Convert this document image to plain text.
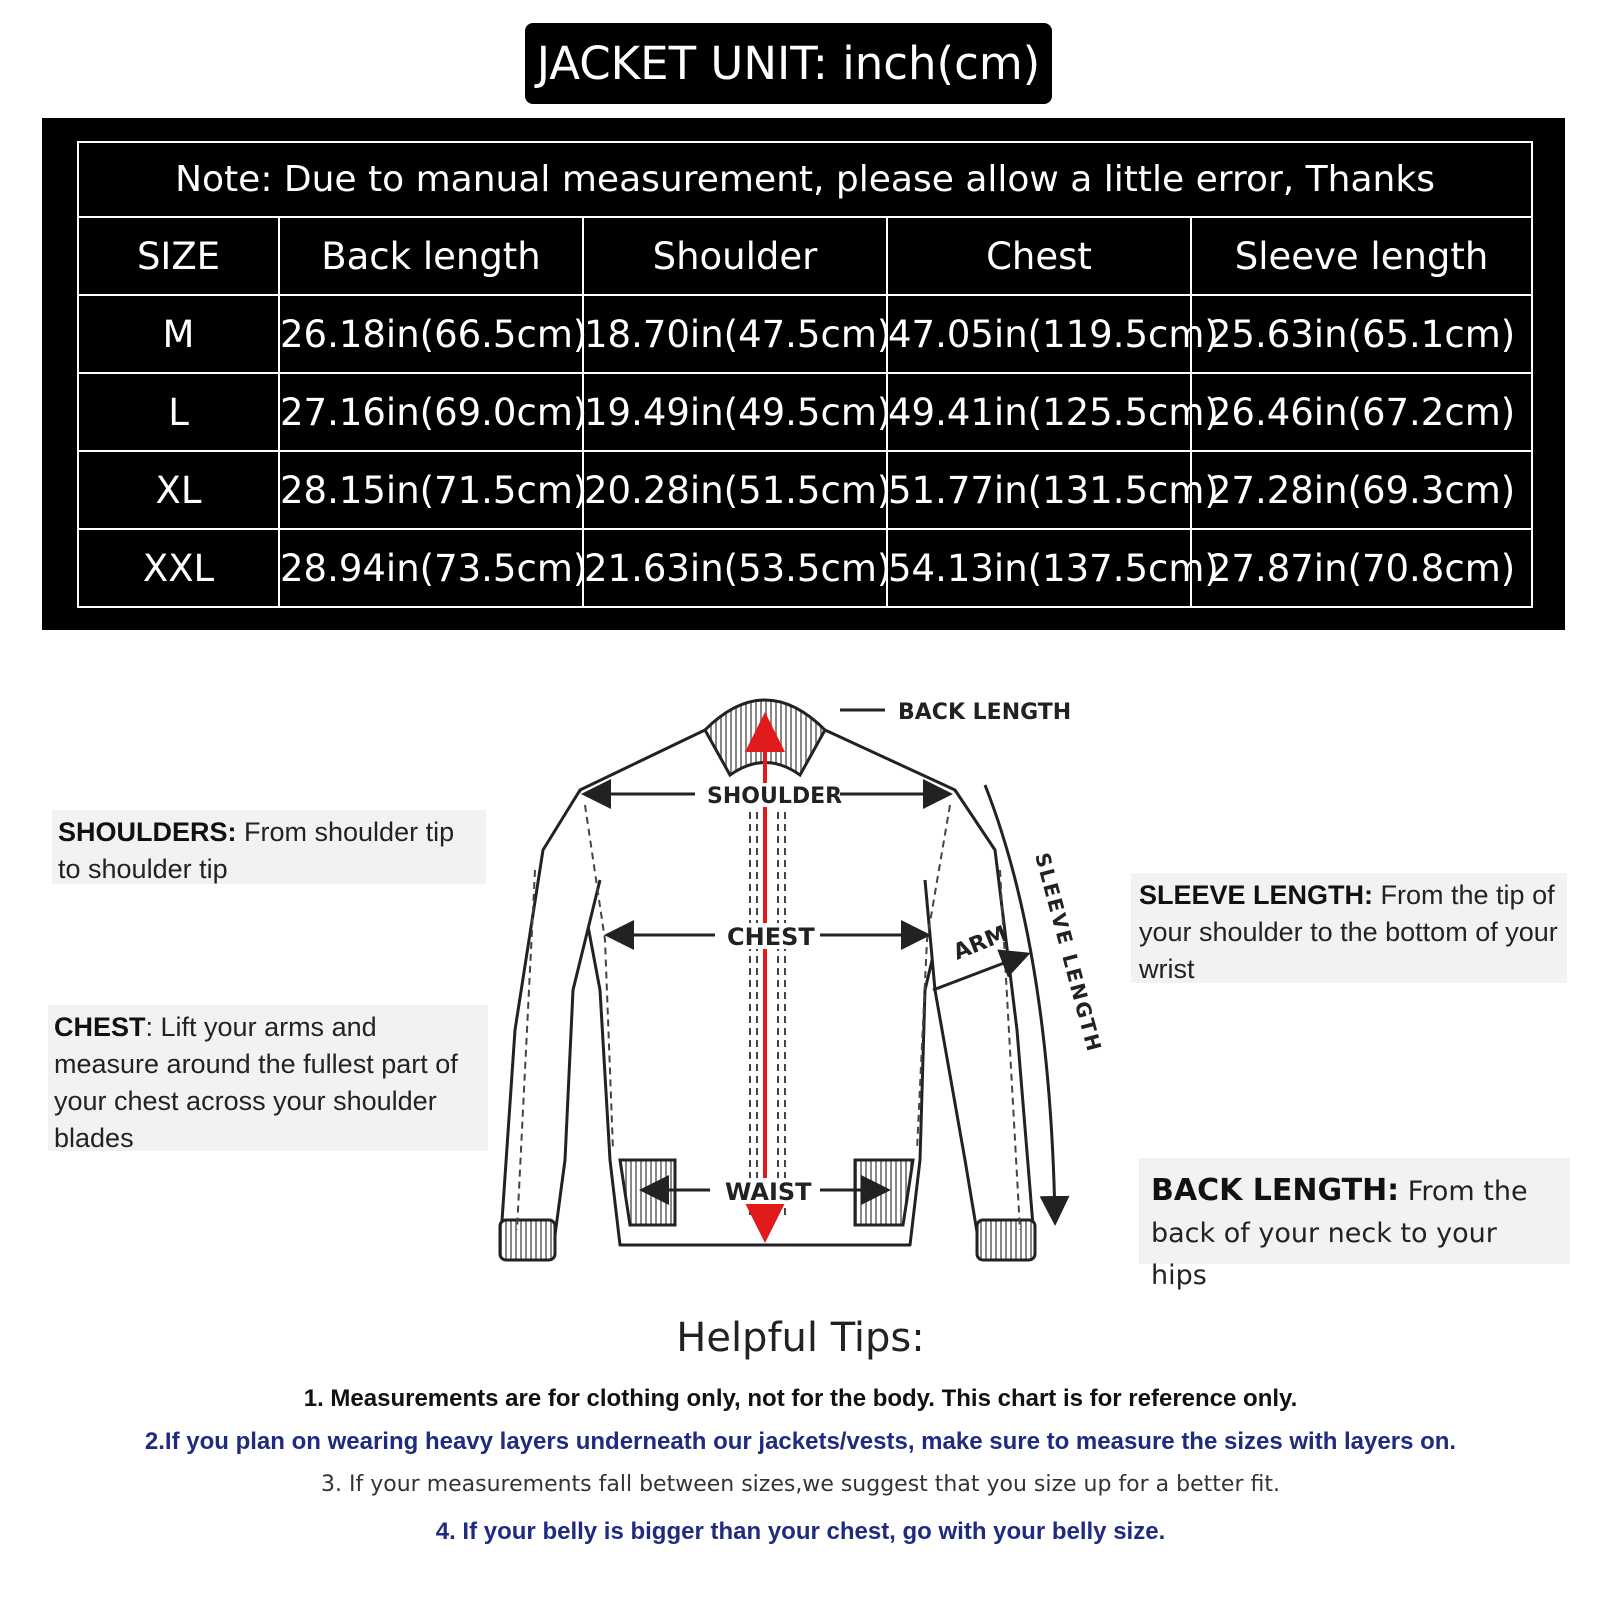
JACKET UNIT: inch(cm)
Note: Due to manual measurement, please allow a little error, Thanks				
SIZE	Back length	Shoulder	Chest	Sleeve length
M	26.18in(66.5cm)	18.70in(47.5cm)	47.05in(119.5cm)	25.63in(65.1cm)
L	27.16in(69.0cm)	19.49in(49.5cm)	49.41in(125.5cm)	26.46in(67.2cm)
XL	28.15in(71.5cm)	20.28in(51.5cm)	51.77in(131.5cm)	27.28in(69.3cm)
XXL	28.94in(73.5cm)	21.63in(53.5cm)	54.13in(137.5cm)	27.87in(70.8cm)
SHOULDERS: From shoulder tip to shoulder tip
CHEST: Lift your arms and measure around the fullest part of your chest across your shoulder blades
SLEEVE LENGTH: From the tip of your shoulder to the bottom of your wrist
BACK LENGTH: From the back of your neck to your hips
SHOULDER
CHEST
WAIST
BACK LENGTH
ARM SLEEVE LENGTH
Helpful Tips:
1. Measurements are for clothing only, not for the body. This chart is for reference only.
2.If you plan on wearing heavy layers underneath our jackets/vests, make sure to measure the sizes with layers on.
3. If your measurements fall between sizes,we suggest that you size up for a better fit.
4. If your belly is bigger than your chest, go with your belly size.
